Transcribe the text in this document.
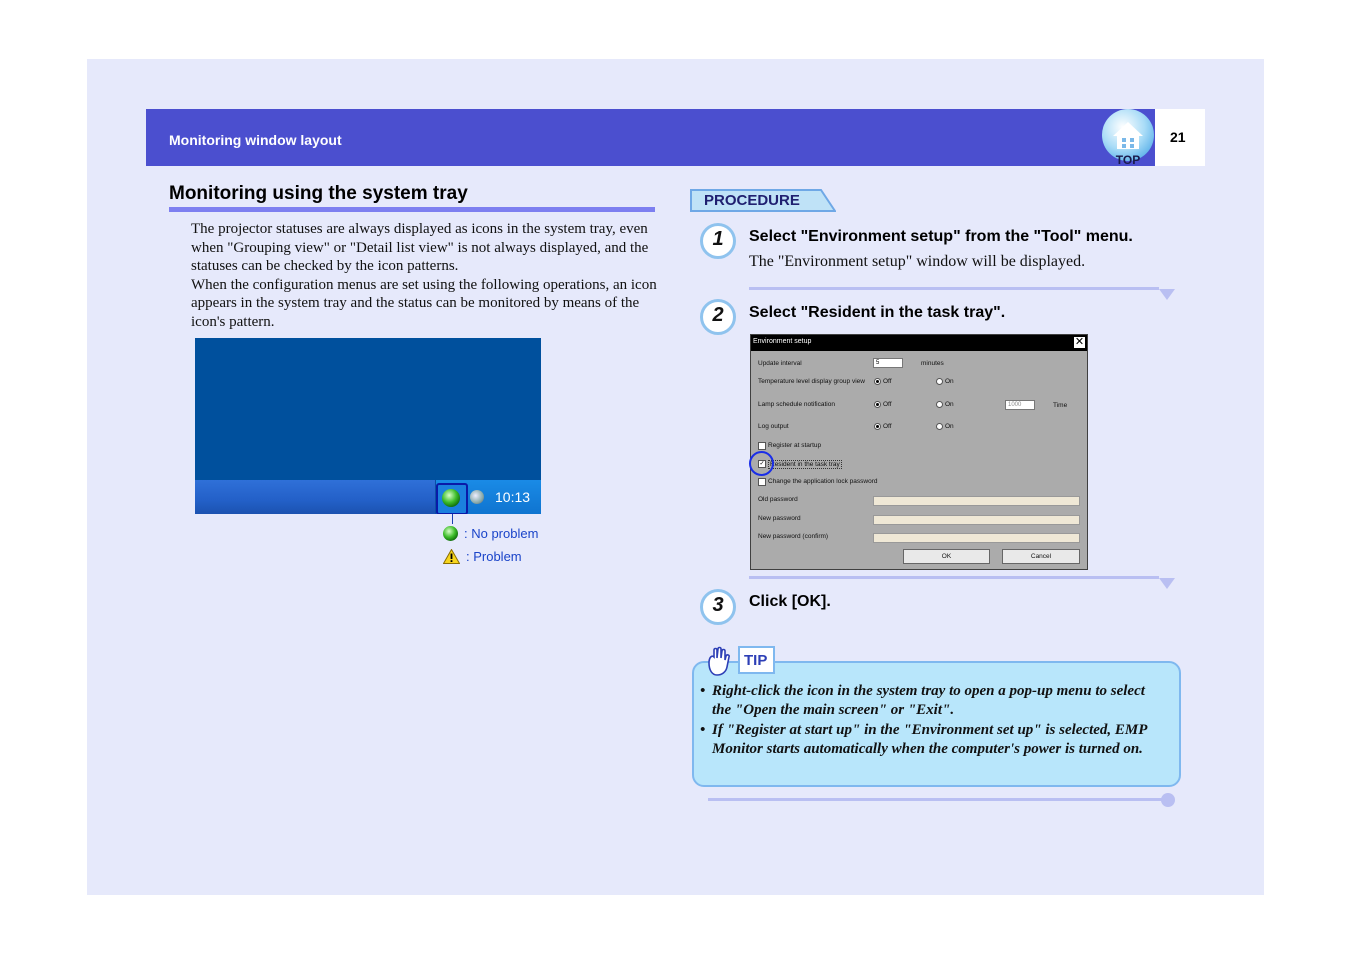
Monitoring window layout
TOP
21
Monitoring using the system tray

The projector statuses are always displayed as icons in the system tray, even when "Grouping view" or "Detail list view" is not always displayed, and the statuses can be checked by the icon patterns.

When the configuration menus are set using the following operations, an icon appears in the system tray and the status can be monitored by means of the icon's pattern.

10:13
: No problem
: Problem
PROCEDURE
1	Select "Environment setup" from the "Tool" menu.
The "Environment setup" window will be displayed.
2	Select "Resident in the task tray".
Environment setup	✕
Update interval	5	minutes
Temperature level display group view	Off	On
Lamp schedule notification	Off	On	1000	Time
Log output	Off	On
Register at startup
✓ Resident in the task tray
Change the application lock password
Old password
New password
New password (confirm)
OK	Cancel
3	Click [OK].
TIP
• Right-click the icon in the system tray to open a pop-up menu to select the "Open the main screen" or "Exit".
• If "Register at start up" in the "Environment set up" is selected, EMP Monitor starts automatically when the computer's power is turned on.
